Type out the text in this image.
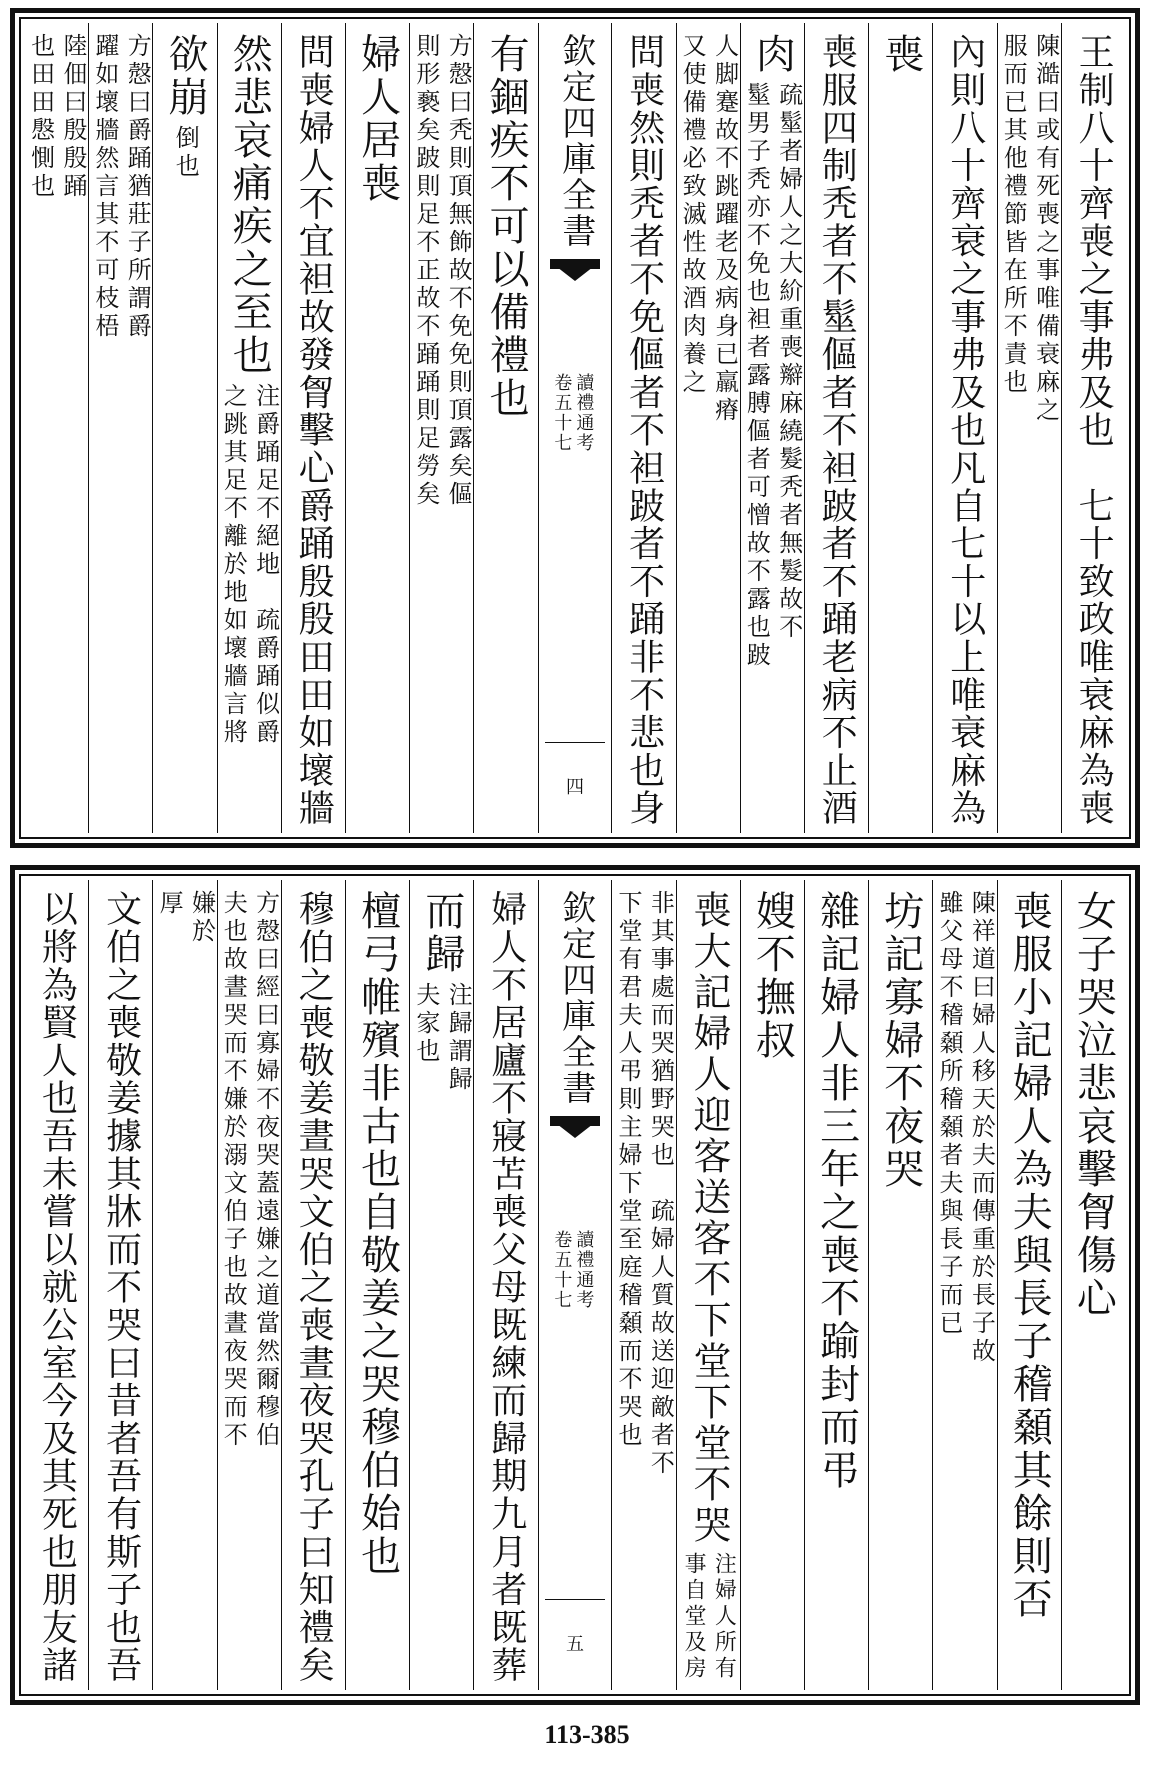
王制八十齊喪之事弗及也　七十致政唯衰麻為喪
陳澔曰或有死喪之事唯備衰麻之
服而已其他禮節皆在所不責也
內則八十齊衰之事弗及也凡自七十以上唯衰麻為
喪
喪服四制秃者不髽傴者不袒跛者不踊老病不止酒
肉
疏髽者婦人之大紒重喪辮麻繞髮秃者無髮故不
髽男子秃亦不免也袒者露膊傴者可憎故不露也跛
人脚蹇故不跳躍老及病身已羸瘠
又使備禮必致滅性故酒肉養之
問喪然則秃者不免傴者不袒跛者不踊非不悲也身
欽定四庫全書
讀禮通考
卷五十七
四
有錮疾不可以備禮也
方慤曰秃則頂無飾故不免免則頂露矣傴
則形褻矣跛則足不正故不踊踊則足勞矣
婦人居喪
問喪婦人不宜袒故發胷擊心爵踊殷殷田田如壞牆
然悲哀痛疾之至也
注爵踊足不絕地　疏爵踊似爵
之跳其足不離於地如壞牆言將
欲崩
倒也
方慤曰爵踊猶莊子所謂爵
躍如壞牆然言其不可枝梧
陸佃曰殷殷踊
也田田慇惻也
女子哭泣悲哀擊胷傷心
喪服小記婦人為夫與長子稽顙其餘則否
陳祥道曰婦人移天於夫而傳重於長子故
雖父母不稽顙所稽顙者夫與長子而已
坊記寡婦不夜哭
雜記婦人非三年之喪不踰封而弔
嫂不撫叔
喪大記婦人迎客送客不下堂下堂不哭
注婦人所有
事自堂及房
非其事處而哭猶野哭也　疏婦人質故送迎敵者不
下堂有君夫人弔則主婦下堂至庭稽顙而不哭也
欽定四庫全書
讀禮通考
卷五十七
五
婦人不居廬不寢苫喪父母既練而歸期九月者既葬
而歸
注歸謂歸
夫家也
檀弓帷殯非古也自敬姜之哭穆伯始也
穆伯之喪敬姜晝哭文伯之喪晝夜哭孔子曰知禮矣
方慤曰經曰寡婦不夜哭蓋遠嫌之道當然爾穆伯
夫也故晝哭而不嫌於溺文伯子也故晝夜哭而不
嫌於
厚
文伯之喪敬姜據其牀而不哭曰昔者吾有斯子也吾
以將為賢人也吾未嘗以就公室今及其死也朋友諸
113-385
